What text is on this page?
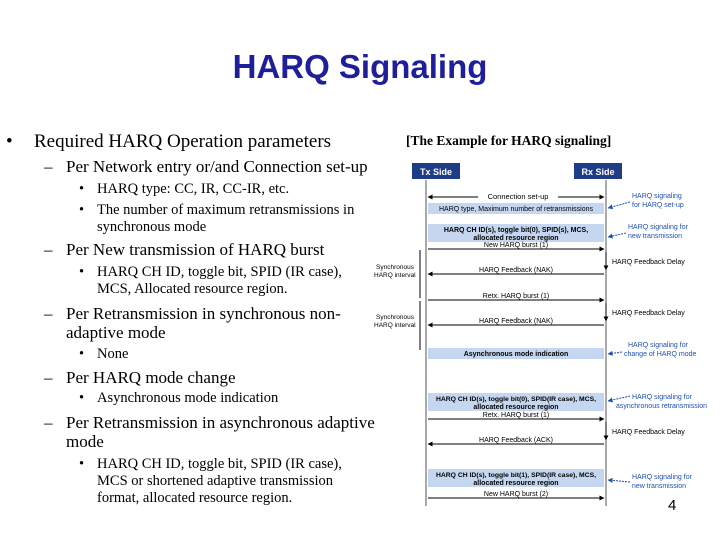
HARQ Signaling
• Required HARQ Operation parameters
– Per Network entry or/and Connection set-up
• HARQ type: CC, IR, CC-IR, etc.
• The number of maximum retransmissions in
synchronous mode
– Per New transmission of HARQ burst
• HARQ CH ID, toggle bit, SPID (IR case),
MCS, Allocated resource region.
– Per Retransmission in synchronous non-
adaptive mode
• None
– Per HARQ mode change
• Asynchronous mode indication
– Per Retransmission in asynchronous adaptive
mode
• HARQ CH ID, toggle bit, SPID (IR case),
MCS or shortened adaptive transmission
format, allocated resource region.
[The Example for HARQ signaling]
4
Tx Side	Rx Side
Connection set-up
HARQ type, Maximum number of retransmissions
HARQ signaling
for HARQ set-up
HARQ CH ID(s), toggle bit(0), SPID(s), MCS,
allocated resource region
New HARQ burst (1)
HARQ signaling for
new transmission
HARQ Feedback Delay
Synchronous
HARQ interval
HARQ Feedback (NAK)
Retx. HARQ burst (1)
HARQ Feedback Delay
Synchronous
HARQ interval
HARQ Feedback (NAK)
Asynchronous mode indication
HARQ signaling for
change of HARQ mode
HARQ CH ID(s), toggle bit(0), SPID(IR case), MCS,
allocated resource region
Retx. HARQ burst (1)
HARQ signaling for
asynchronous retransmission
HARQ Feedback Delay
HARQ Feedback (ACK)
HARQ CH ID(s), toggle bit(1), SPID(IR case), MCS,
allocated resource region
New HARQ burst (2)
HARQ signaling for
new transmission
